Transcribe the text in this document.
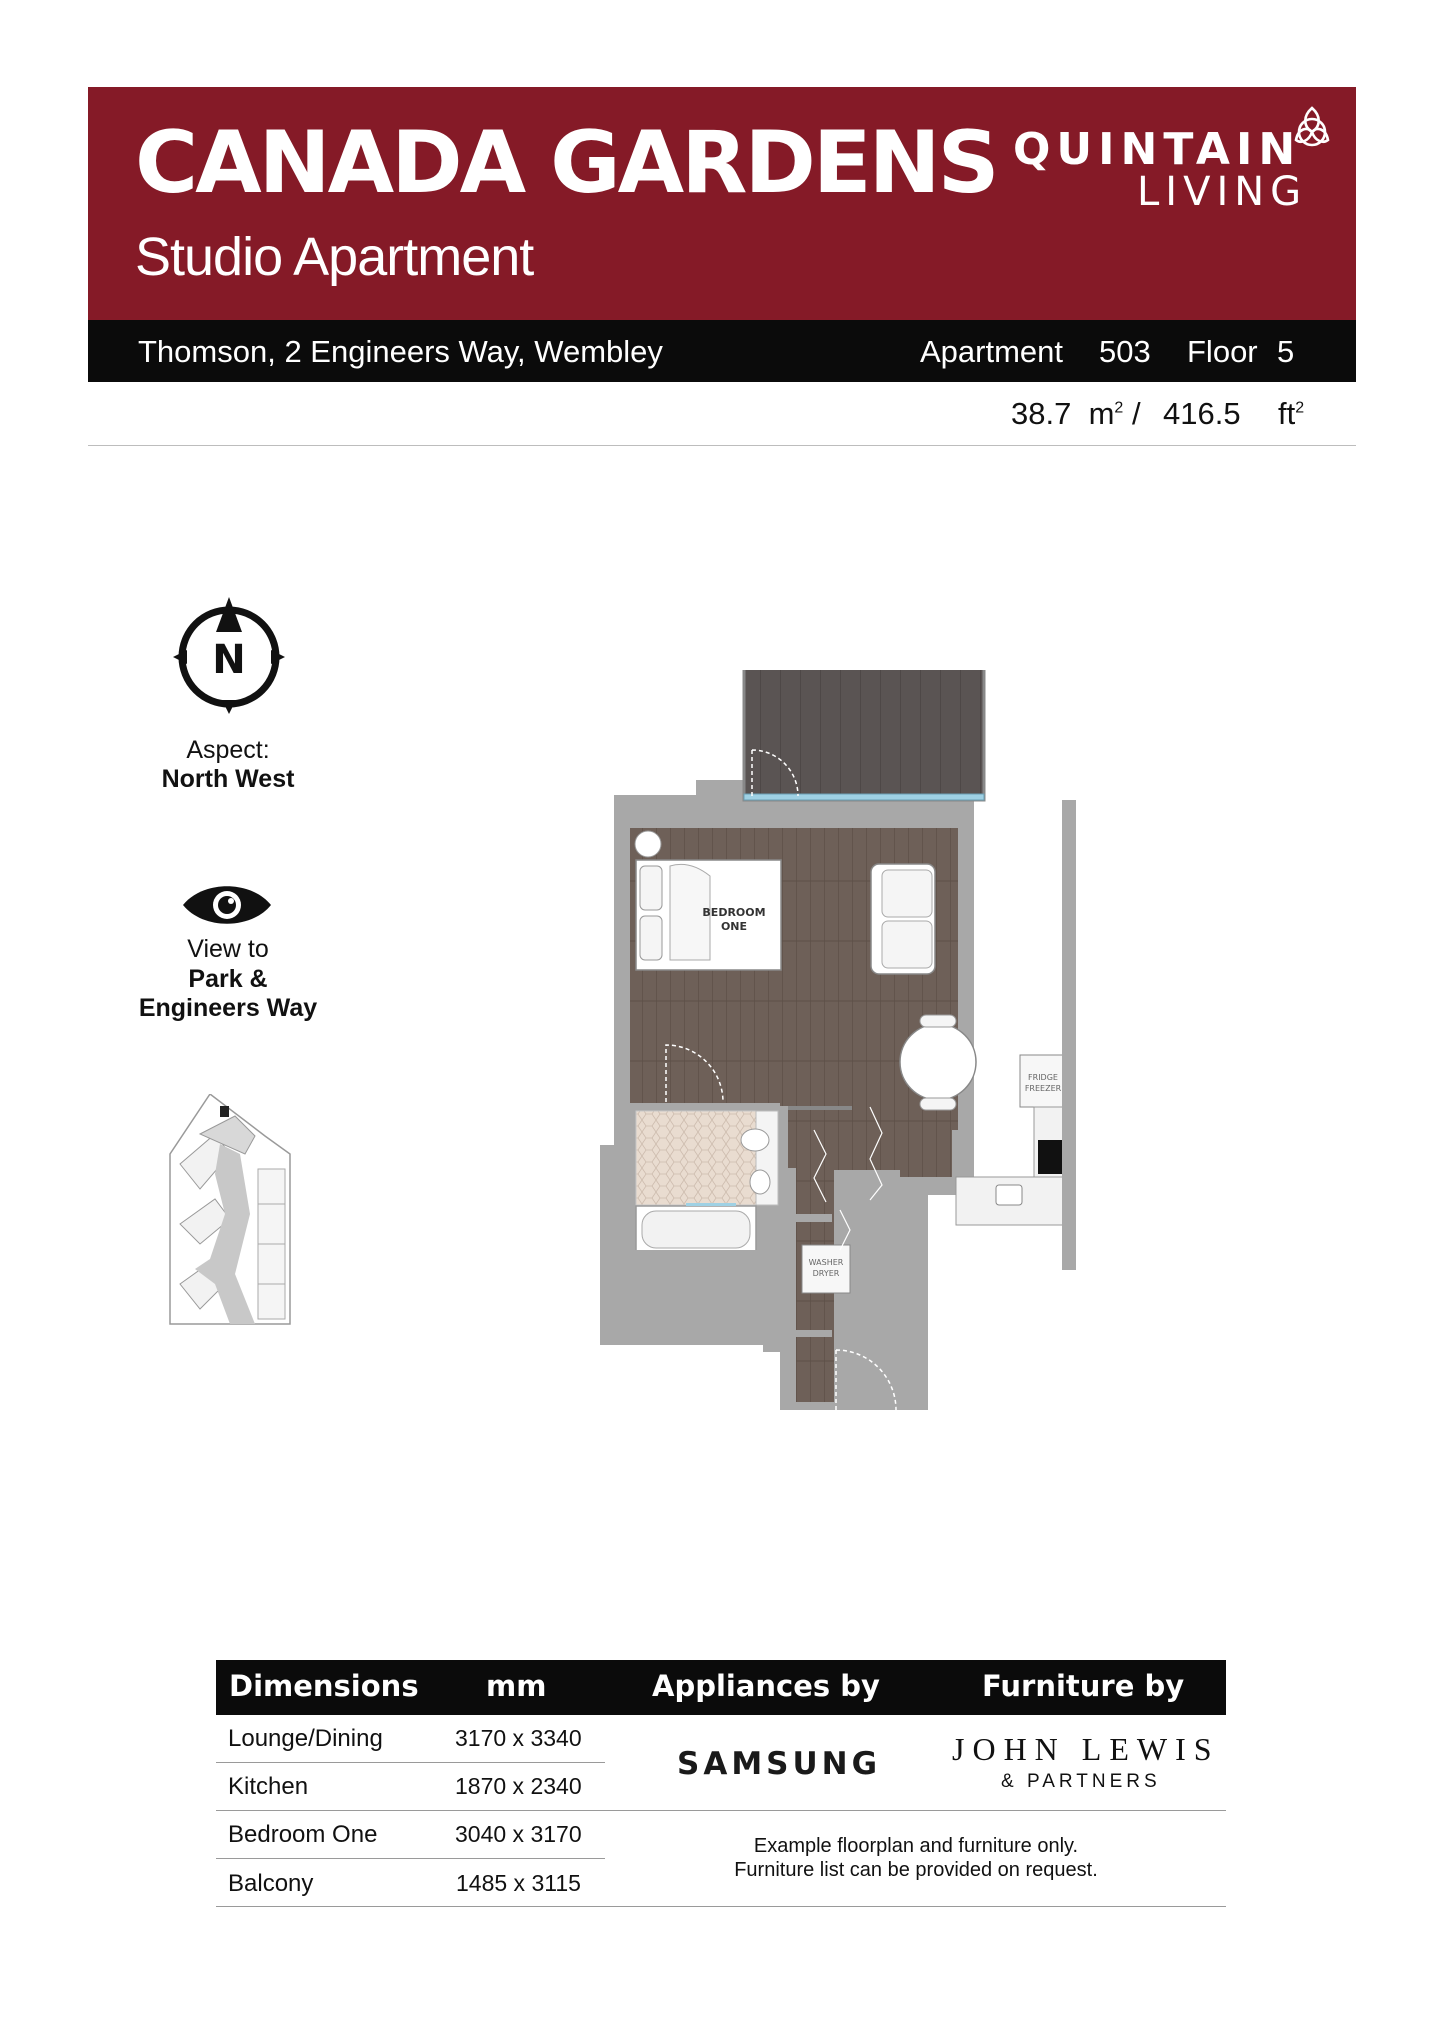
CANADA GARDENS
Studio Apartment
QUINTAIN
LIVING
Thomson, 2 Engineers Way, Wembley	Apartment 503 Floor 5
38.7 $m^2 / 416.5$ $ft^2$
N
Aspect:
North West
View to
Park &
Engineers Way
WASHER
DRYER
BEDROOM
ONE
FRIDGE
FREEZER
Dimensions mm	Appliances by	Furniture by
Lounge/Dining	3170 x 3340
Kitchen	1870 x 2340
Bedroom One	3040 x 3170
Balcony	1485 x 3115
SAMSUNG JOHN LEWIS
& PARTNERS
Example floorplan and furniture only.
Furniture list can be provided on request.
